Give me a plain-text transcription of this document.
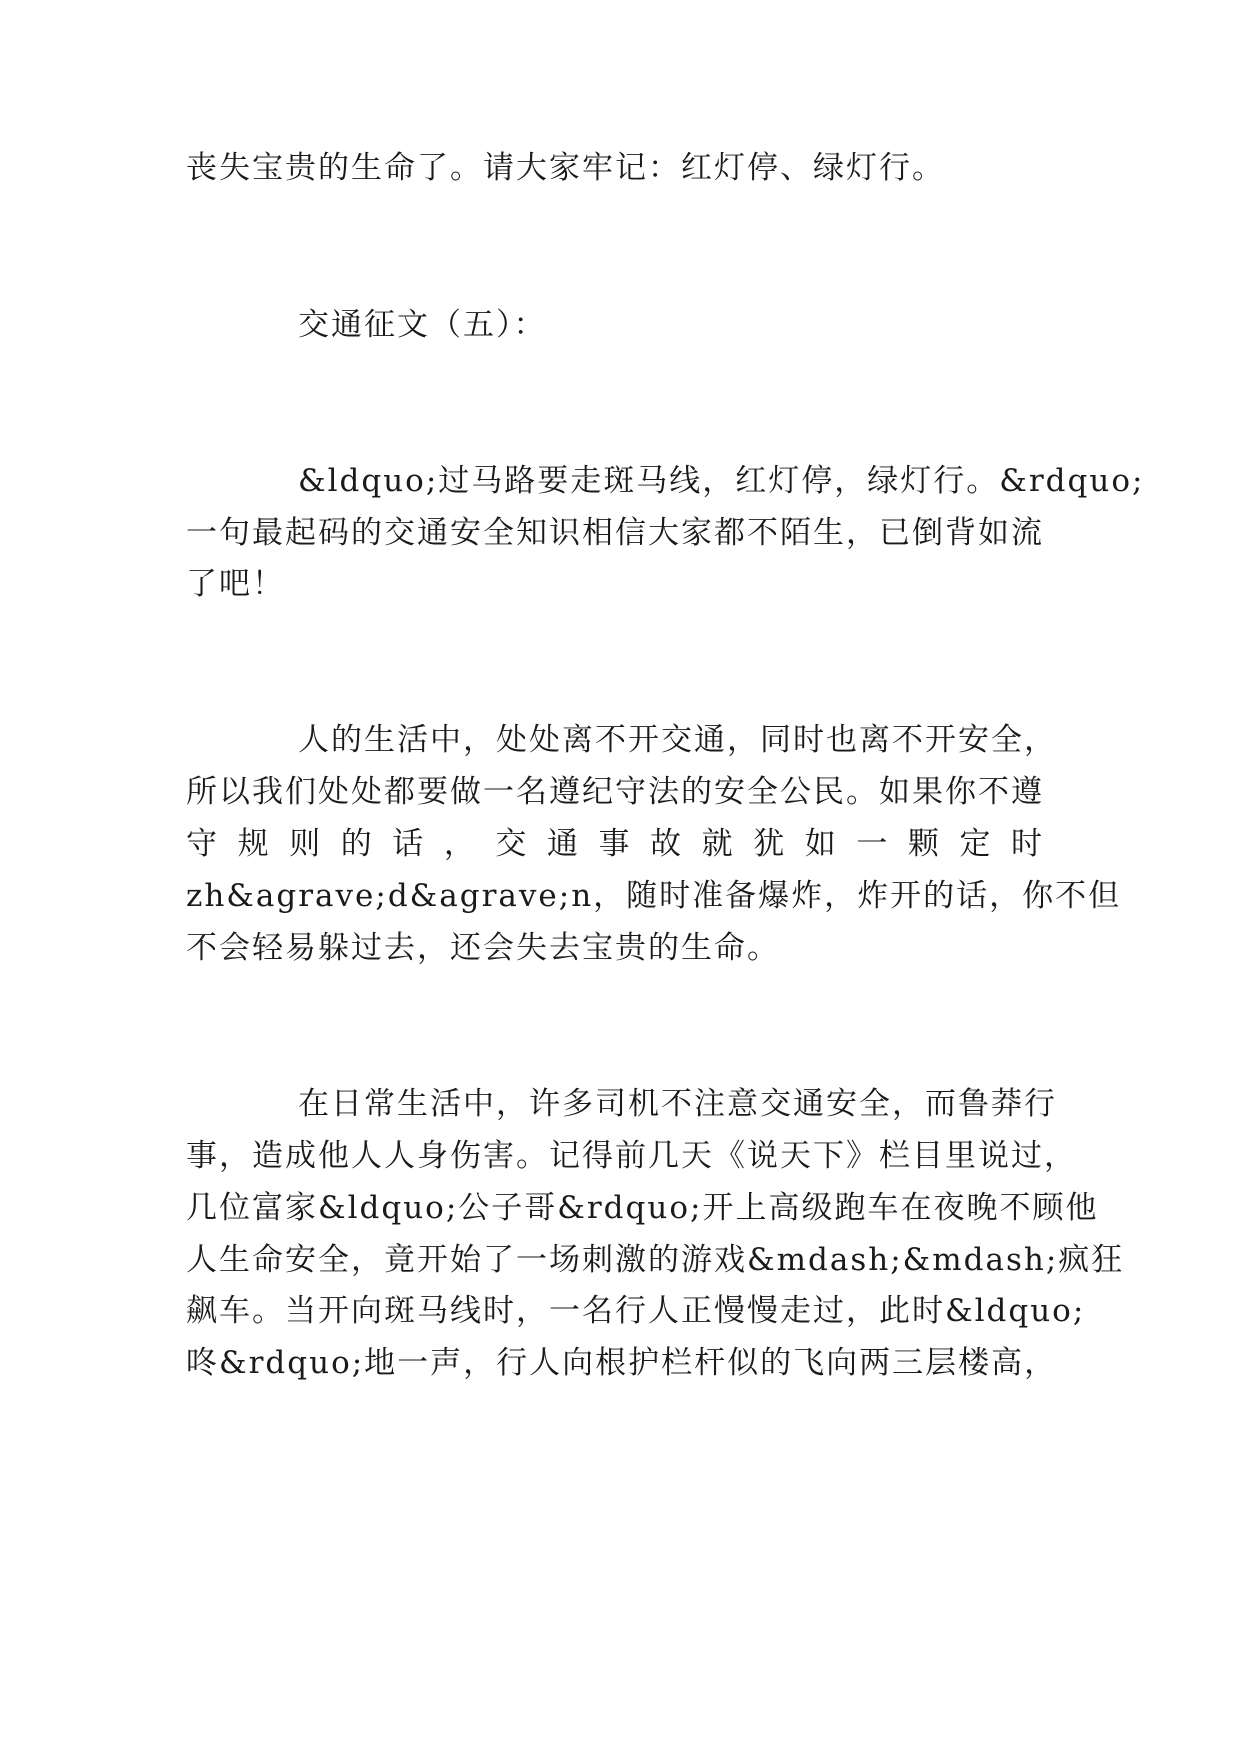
丧失宝贵的生命了。请大家牢记：红灯停、绿灯行。
交通征文（五）：
&ldquo;过马路要走斑马线，红灯停，绿灯行。&rdquo;
一句最起码的交通安全知识相信大家都不陌生，已倒背如流
了吧！
人的生活中，处处离不开交通，同时也离不开安全，
所以我们处处都要做一名遵纪守法的安全公民。如果你不遵
守 规 则 的 话 ， 交 通 事 故 就 犹 如 一 颗 定 时
zh&agrave;d&agrave;n，随时准备爆炸，炸开的话，你不但
不会轻易躲过去，还会失去宝贵的生命。
在日常生活中，许多司机不注意交通安全，而鲁莽行
事，造成他人人身伤害。记得前几天《说天下》栏目里说过，
几位富家&ldquo;公子哥&rdquo;开上高级跑车在夜晚不顾他
人生命安全，竟开始了一场刺激的游戏&mdash;&mdash;疯狂
飙车。当开向斑马线时，一名行人正慢慢走过，此时&ldquo;
咚&rdquo;地一声，行人向根护栏杆似的飞向两三层楼高，
